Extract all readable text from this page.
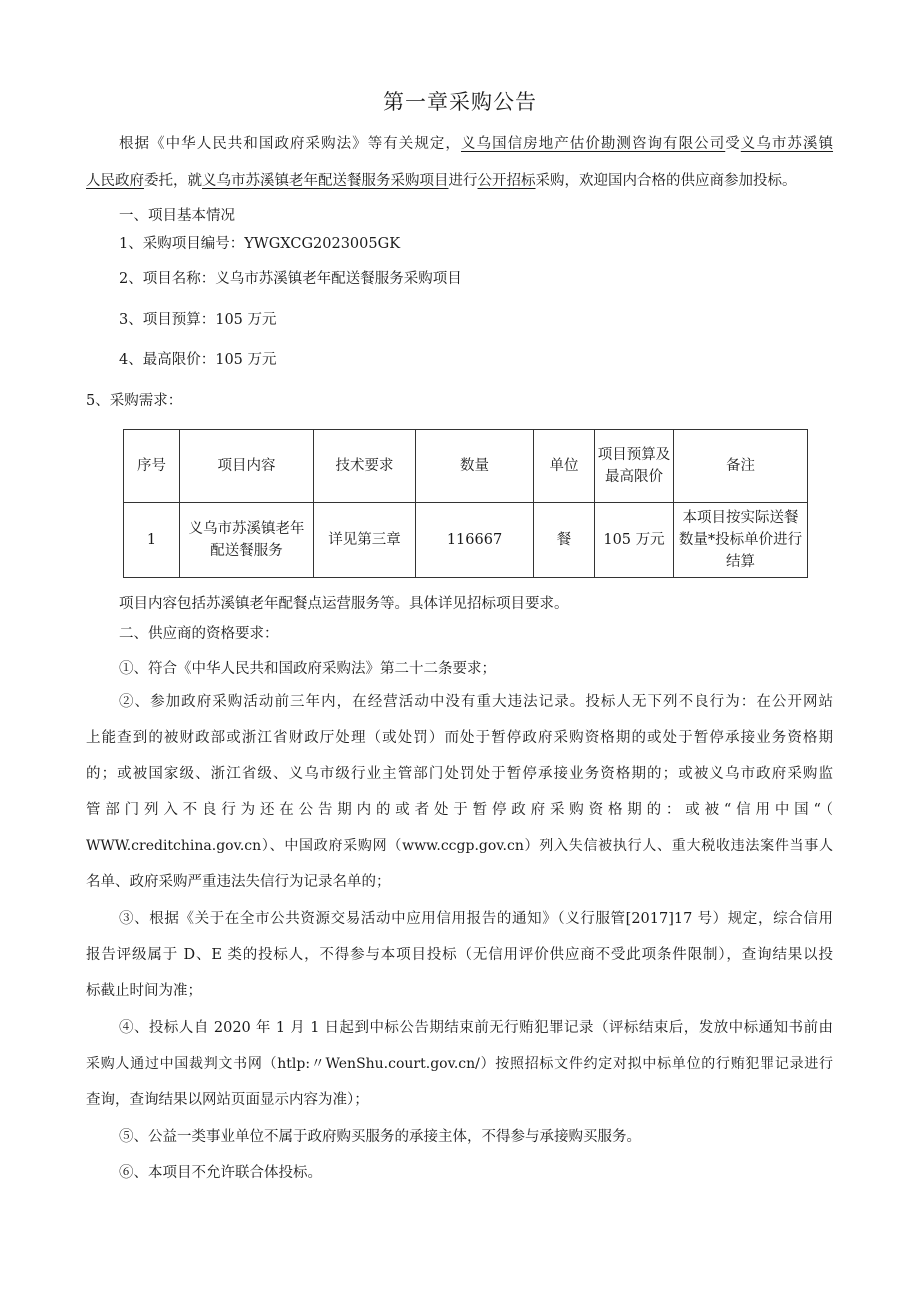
第一章采购公告
根据《中华人民共和国政府采购法》等有关规定，义乌国信房地产估价勘测咨询有限公司受义乌市苏溪镇
人民政府委托，就义乌市苏溪镇老年配送餐服务采购项目进行公开招标采购，欢迎国内合格的供应商参加投标。
一、项目基本情况
1、采购项目编号：YWGXCG2023005GK
2、项目名称：义乌市苏溪镇老年配送餐服务采购项目
3、项目预算：105 万元
4、最高限价：105 万元
5、采购需求：
序号	项目内容	技术要求	数量	单位	项目预算及最高限价	备注
1	义乌市苏溪镇老年配送餐服务	详见第三章	116667	餐	105 万元	本项目按实际送餐数量*投标单价进行结算
项目内容包括苏溪镇老年配餐点运营服务等。具体详见招标项目要求。
二、供应商的资格要求：
①、符合《中华人民共和国政府采购法》第二十二条要求；
②、参加政府采购活动前三年内，在经营活动中没有重大违法记录。投标人无下列不良行为：在公开网站
上能查到的被财政部或浙江省财政厅处理（或处罚）而处于暂停政府采购资格期的或处于暂停承接业务资格期
的；或被国家级、浙江省级、义乌市级行业主管部门处罚处于暂停承接业务资格期的；或被义乌市政府采购监
管部门列入不良行为还在公告期内的或者处于暂停政府采购资格期的：或被“信用中国“（
WWW.creditchina.gov.cn）、中国政府采购网（www.ccgp.gov.cn）列入失信被执行人、重大税收违法案件当事人
名单、政府采购严重违法失信行为记录名单的；
③、根据《关于在全市公共资源交易活动中应用信用报告的通知》（义行服管[2017]17 号）规定，综合信用
报告评级属于 D、E 类的投标人，不得参与本项目投标（无信用评价供应商不受此项条件限制），查询结果以投
标截止时间为准；
④、投标人自 2020 年 1 月 1 日起到中标公告期结束前无行贿犯罪记录（评标结束后，发放中标通知书前由
采购人通过中国裁判文书网（htlp:〃WenShu.court.gov.cn/）按照招标文件约定对拟中标单位的行贿犯罪记录进行
查询，查询结果以网站页面显示内容为准）；
⑤、公益一类事业单位不属于政府购买服务的承接主体，不得参与承接购买服务。
⑥、本项目不允许联合体投标。
